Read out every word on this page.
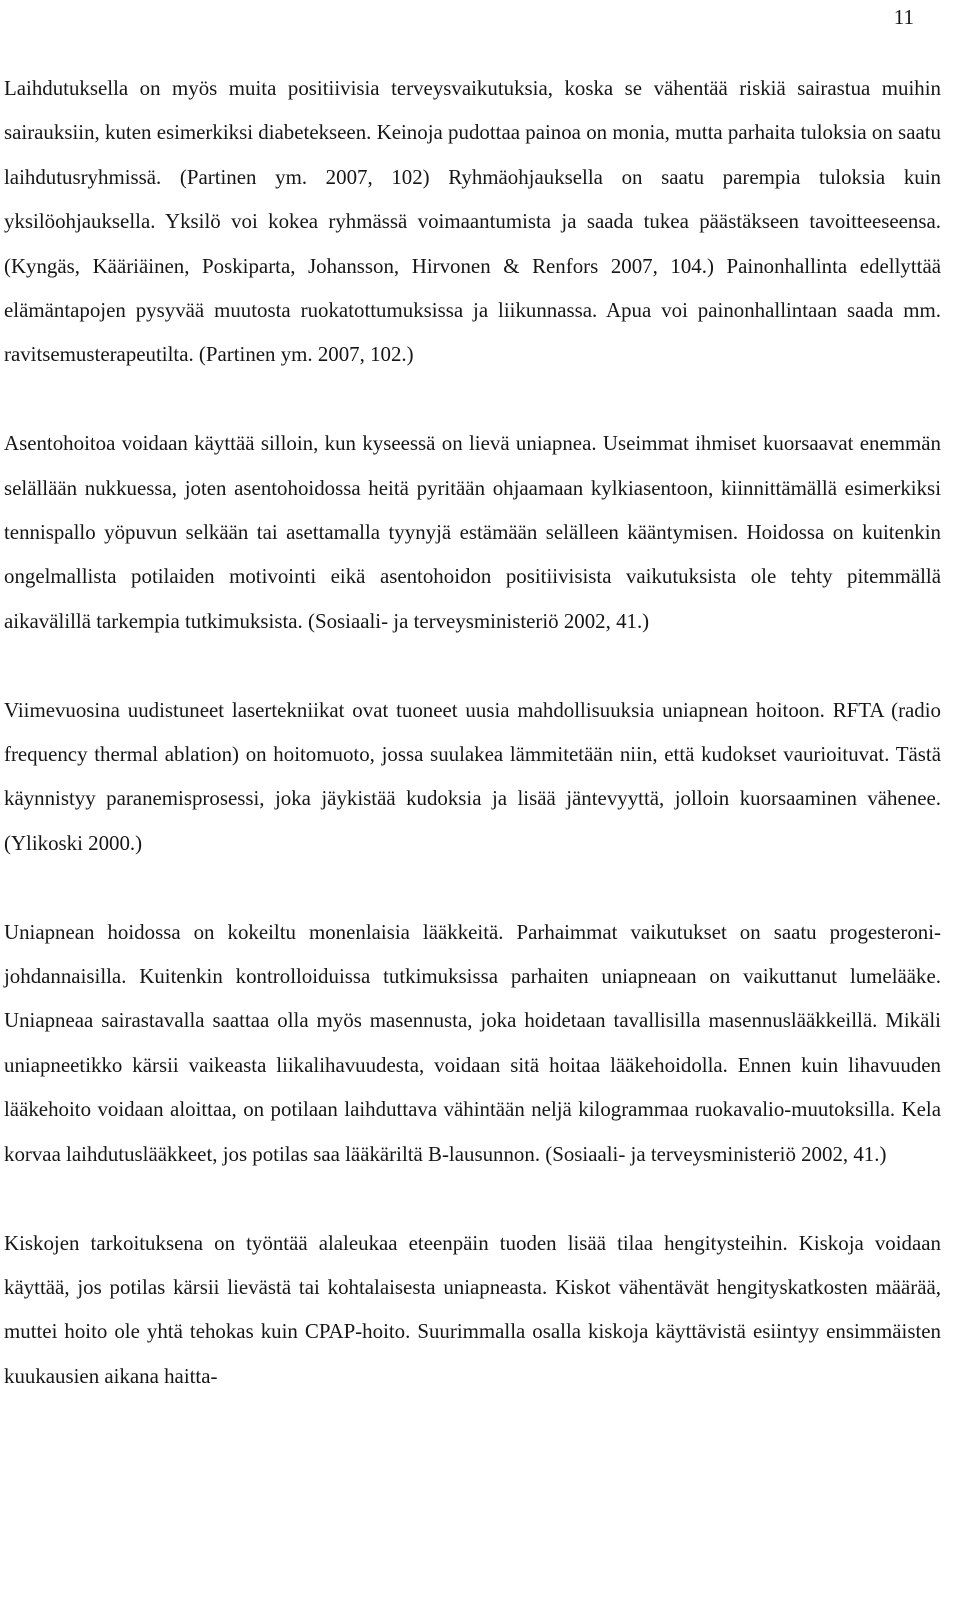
11

Laihdutuksella on myös muita positiivisia terveysvaikutuksia, koska se vähentää riskiä sairastua muihin sairauksiin, kuten esimerkiksi diabetekseen. Keinoja pudottaa painoa on monia, mutta parhaita tuloksia on saatu laihdutusryhmissä. (Partinen ym. 2007, 102) Ryhmäohjauksella on saatu parempia tuloksia kuin yksilöohjauksella. Yksilö voi kokea ryhmässä voimaantumista ja saada tukea päästäkseen tavoitteeseensa. (Kyngäs, Kääriäinen, Poskiparta, Johansson, Hirvonen & Renfors 2007, 104.) Painonhallinta edellyttää elämäntapojen pysyvää muutosta ruokatottumuksissa ja liikunnassa. Apua voi painonhallintaan saada mm. ravitsemusterapeutilta. (Partinen ym. 2007, 102.)

Asentohoitoa voidaan käyttää silloin, kun kyseessä on lievä uniapnea. Useimmat ihmiset kuorsaavat enemmän selällään nukkuessa, joten asentohoidossa heitä pyritään ohjaamaan kylkiasentoon, kiinnittämällä esimerkiksi tennispallo yöpuvun selkään tai asettamalla tyynyjä estämään selälleen kääntymisen. Hoidossa on kuitenkin ongelmallista potilaiden motivointi eikä asentohoidon positiivisista vaikutuksista ole tehty pitemmällä aikavälillä tarkempia tutkimuksista. (Sosiaali- ja terveysministeriö 2002, 41.)

Viimevuosina uudistuneet lasertekniikat ovat tuoneet uusia mahdollisuuksia uniapnean hoitoon. RFTA (radio frequency thermal ablation) on hoitomuoto, jossa suulakea lämmitetään niin, että kudokset vaurioituvat. Tästä käynnistyy paranemisprosessi, joka jäykistää kudoksia ja lisää jäntevyyttä, jolloin kuorsaaminen vähenee. (Ylikoski 2000.)

Uniapnean hoidossa on kokeiltu monenlaisia lääkkeitä. Parhaimmat vaikutukset on saatu progesteroni-johdannaisilla. Kuitenkin kontrolloiduissa tutkimuksissa parhaiten uniapneaan on vaikuttanut lumelääke. Uniapneaa sairastavalla saattaa olla myös masennusta, joka hoidetaan tavallisilla masennuslääkkeillä. Mikäli uniapneetikko kärsii vaikeasta liikalihavuudesta, voidaan sitä hoitaa lääkehoidolla. Ennen kuin lihavuuden lääkehoito voidaan aloittaa, on potilaan laihduttava vähintään neljä kilogrammaa ruokavalio-muutoksilla. Kela korvaa laihdutuslääkkeet, jos potilas saa lääkäriltä B-lausunnon. (Sosiaali- ja terveysministeriö 2002, 41.)

Kiskojen tarkoituksena on työntää alaleukaa eteenpäin tuoden lisää tilaa hengitysteihin. Kiskoja voidaan käyttää, jos potilas kärsii lievästä tai kohtalaisesta uniapneasta. Kiskot vähentävät hengityskatkosten määrää, muttei hoito ole yhtä tehokas kuin CPAP-hoito. Suurimmalla osalla kiskoja käyttävistä esiintyy ensimmäisten kuukausien aikana haitta-
